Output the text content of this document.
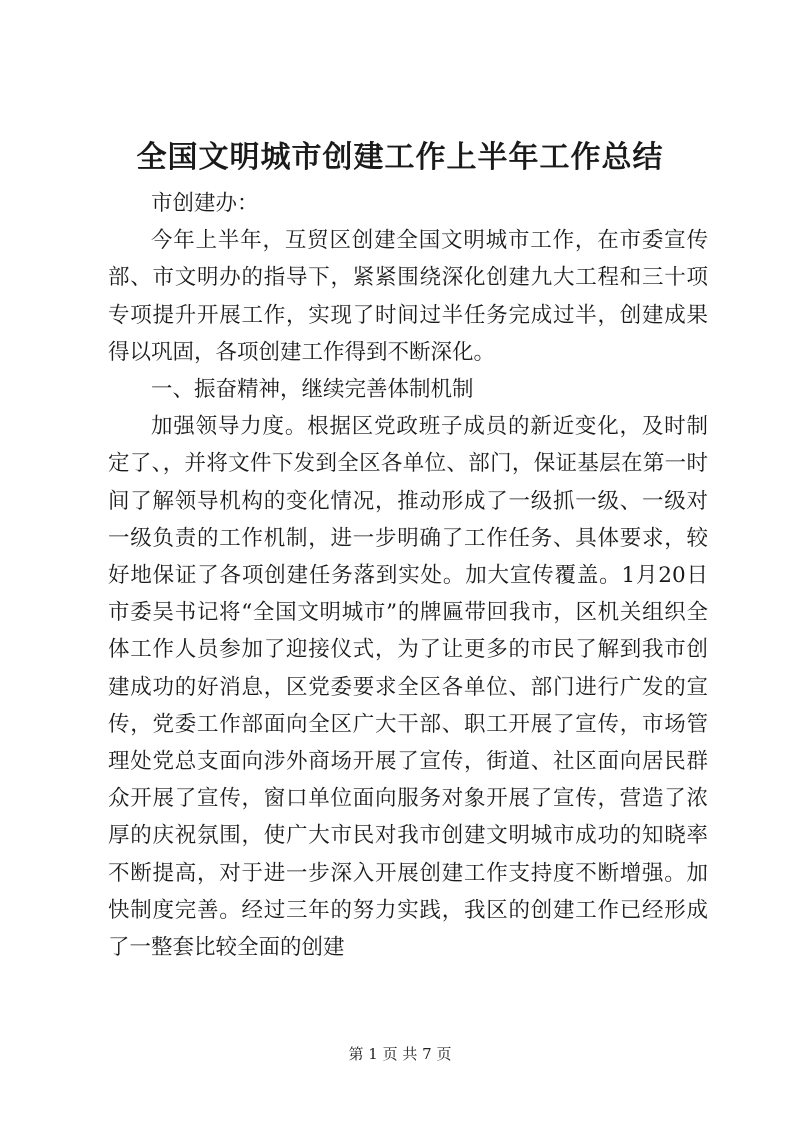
全国文明城市创建工作上半年工作总结

市创建办：

今年上半年，互贸区创建全国文明城市工作，在市委宣传部、市文明办的指导下，紧紧围绕深化创建九大工程和三十项专项提升开展工作，实现了时间过半任务完成过半，创建成果得以巩固，各项创建工作得到不断深化。

一、振奋精神，继续完善体制机制

加强领导力度。根据区党政班子成员的新近变化，及时制定了、，并将文件下发到全区各单位、部门，保证基层在第一时间了解领导机构的变化情况，推动形成了一级抓一级、一级对一级负责的工作机制，进一步明确了工作任务、具体要求，较好地保证了各项创建任务落到实处。加大宣传覆盖。1月20日市委吴书记将“全国文明城市”的牌匾带回我市，区机关组织全体工作人员参加了迎接仪式，为了让更多的市民了解到我市创建成功的好消息，区党委要求全区各单位、部门进行广发的宣传，党委工作部面向全区广大干部、职工开展了宣传，市场管理处党总支面向涉外商场开展了宣传，街道、社区面向居民群众开展了宣传，窗口单位面向服务对象开展了宣传，营造了浓厚的庆祝氛围，使广大市民对我市创建文明城市成功的知晓率不断提高，对于进一步深入开展创建工作支持度不断增强。加快制度完善。经过三年的努力实践，我区的创建工作已经形成了一整套比较全面的创建

第 1 页 共 7 页
